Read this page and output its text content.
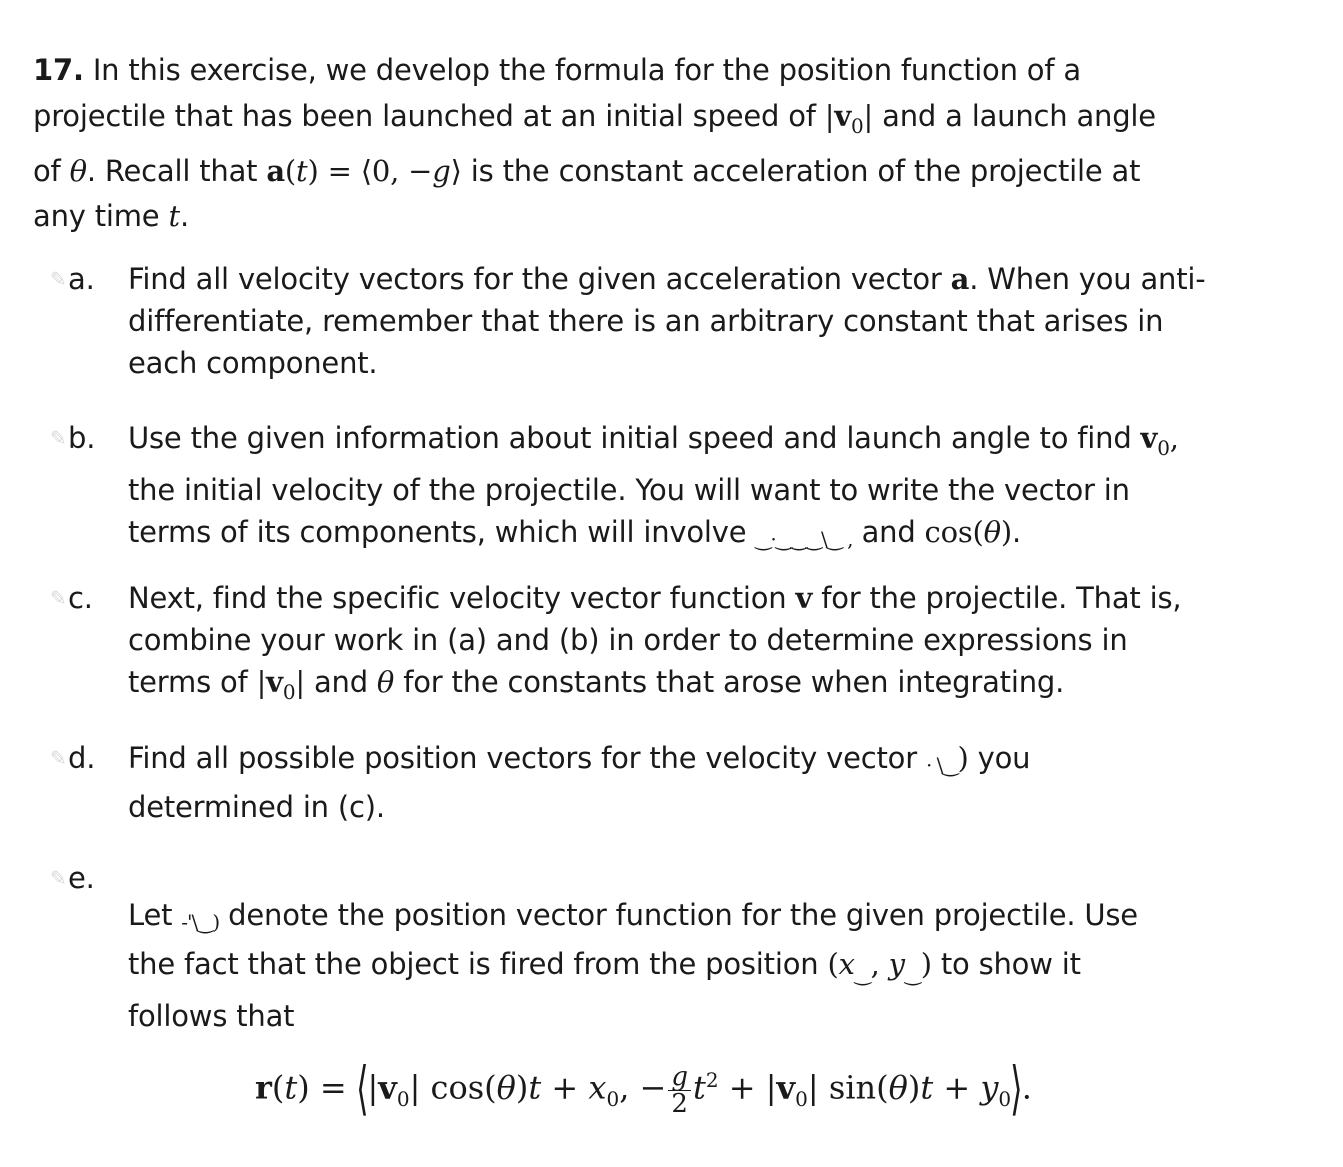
17. In this exercise, we develop the formula for the position function of a
projectile that has been launched at an initial speed of $|v_0|$ and a launch angle
of θ. Recall that a(t) = ⟨0, −g⟩ is the constant acceleration of the projectile at
any time t.
✎ a.	Find all velocity vectors for the given acceleration vector a. When you anti-
differentiate, remember that there is an arbitrary constant that arises in
each component.
✎ b.	Use the given information about initial speed and launch angle to find $v_0$,
the initial velocity of the projectile. You will want to write the vector in
terms of its components, which will involve ‿·‿‿‿\‿ , and cos(θ).
✎ c.	Next, find the specific velocity vector function v for the projectile. That is,
combine your work in (a) and (b) in order to determine expressions in
terms of $|v_0|$ and θ for the constants that arose when integrating.
✎ d.	Find all possible position vectors for the velocity vector · \‿) you
determined in (c).
✎ e.
Let -'\‿) denote the position vector function for the given projectile. Use
the fact that the object is fired from the position ($x_‿$, $y_‿$) to show it
follows that
$r(t) = ⟨|v_0|$ $\cos(\theta)t + x_0$, − $\frac{g}{2} t^2 + |v_0|$ $\sin(\theta)t + y_0⟩$.
